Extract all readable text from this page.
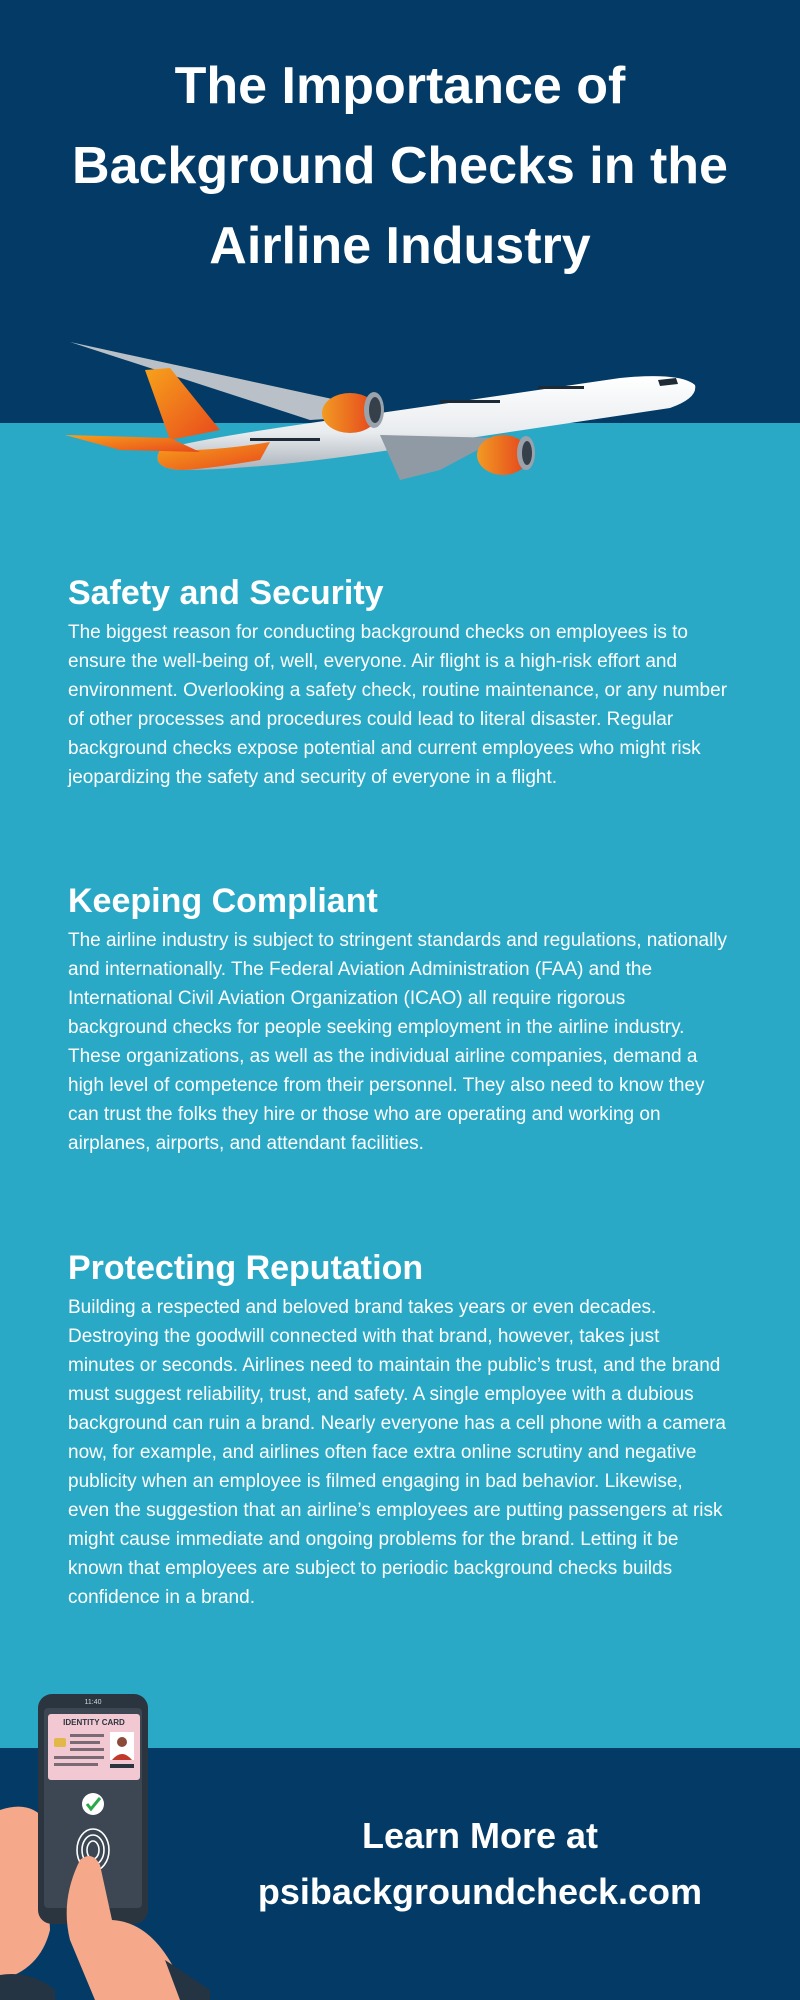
The Importance of Background Checks in the Airline Industry
Safety and Security

The biggest reason for conducting background checks on employees is to ensure the well-being of, well, everyone. Air flight is a high-risk effort and environment. Overlooking a safety check, routine maintenance, or any number of other processes and procedures could lead to literal disaster. Regular background checks expose potential and current employees who might risk jeopardizing the safety and security of everyone in a flight.

Keeping Compliant

The airline industry is subject to stringent standards and regulations, nationally and internationally. The Federal Aviation Administration (FAA) and the International Civil Aviation Organization (ICAO) all require rigorous background checks for people seeking employment in the airline industry. These organizations, as well as the individual airline companies, demand a high level of competence from their personnel. They also need to know they can trust the folks they hire or those who are operating and working on airplanes, airports, and attendant facilities.

Protecting Reputation

Building a respected and beloved brand takes years or even decades. Destroying the goodwill connected with that brand, however, takes just minutes or seconds. Airlines need to maintain the public’s trust, and the brand must suggest reliability, trust, and safety. A single employee with a dubious background can ruin a brand. Nearly everyone has a cell phone with a camera now, for example, and airlines often face extra online scrutiny and negative publicity when an employee is filmed engaging in bad behavior. Likewise, even the suggestion that an airline’s employees are putting passengers at risk might cause immediate and ongoing problems for the brand. Letting it be known that employees are subject to periodic background checks builds confidence in a brand.

11:40
IDENTITY CARD
Learn More at
psibackgroundcheck.com
